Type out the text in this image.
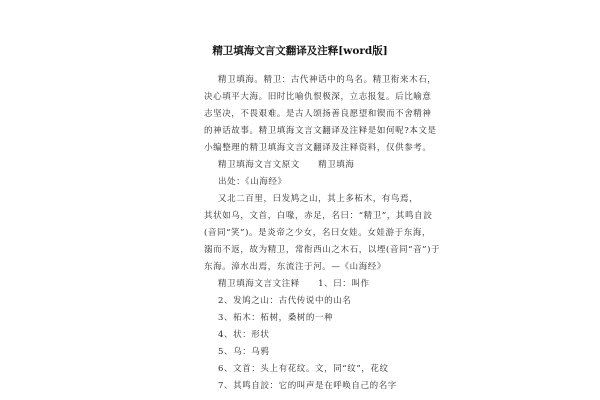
精卫填海文言文翻译及注释[word版]
精卫填海。精卫：古代神话中的鸟名。精卫衔来木石，
决心填平大海。旧时比喻仇恨极深，立志报复。后比喻意
志坚决，不畏艰难。是古人颂扬善良愿望和锲而不舍精神
的神话故事。精卫填海文言文翻译及注释是如何呢?本文是
小编整理的精卫填海文言文翻译及注释资料，仅供参考。
精卫填海文言文原文　　精卫填海
出处：《山海经》
又北二百里，曰发鸠之山，其上多柘木，有鸟焉，
其状如乌，文首，白喙，赤足，名曰：“精卫”，其鸣自詨
(音同“笑”)。是炎帝之少女，名曰女娃。女娃游于东海，
溺而不返，故为精卫，常衔西山之木石，以堙(音同“音”)于
东海。漳水出焉，东流注于河。—《山海经》
精卫填海文言文注释　　1、曰：叫作
2、发鸠之山：古代传说中的山名
3、柘木：柘树，桑树的一种
4、状：形状
5、乌：乌鸦
6、文首：头上有花纹。文，同“纹”，花纹
7、其鸣自詨：它的叫声是在呼唤自己的名字
